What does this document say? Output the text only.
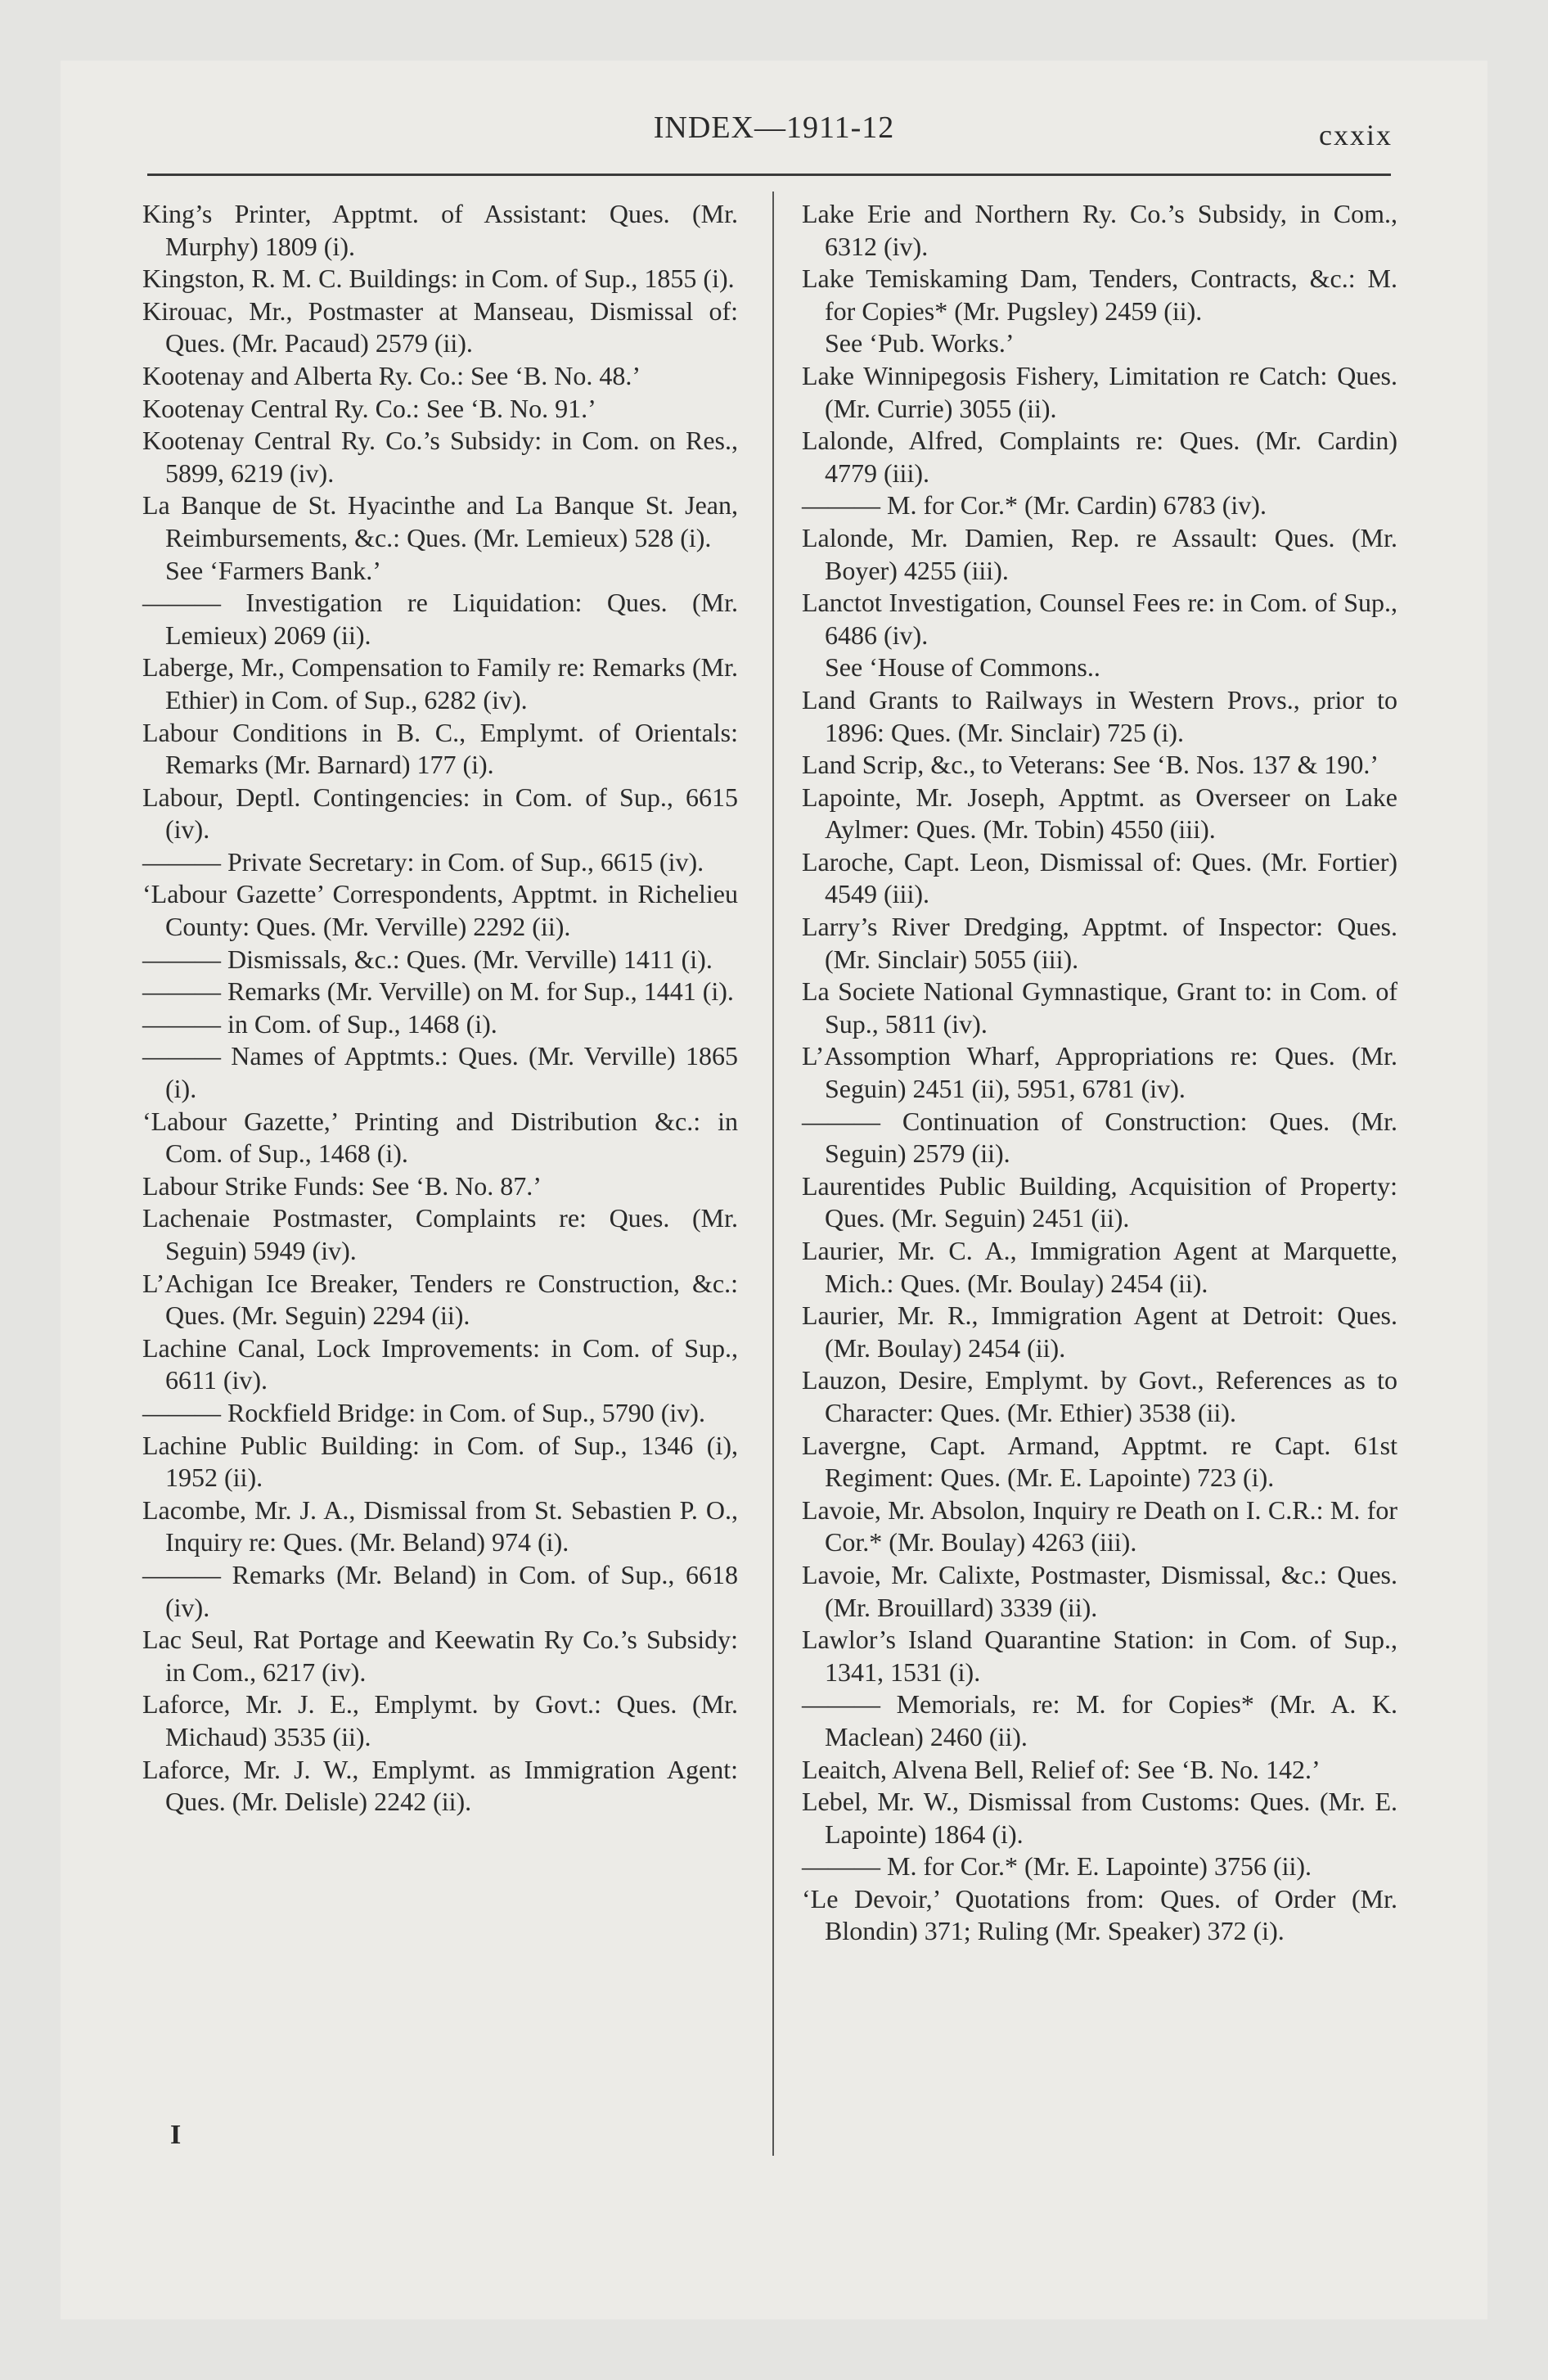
INDEX—1911-12	cxxix
King’s Printer, Apptmt. of Assistant: Ques. (Mr. Murphy) 1809 (i).
Kingston, R. M. C. Buildings: in Com. of Sup., 1855 (i).
Kirouac, Mr., Postmaster at Manseau, Dismissal of: Ques. (Mr. Pacaud) 2579 (ii).
Kootenay and Alberta Ry. Co.: See ‘B. No. 48.’
Kootenay Central Ry. Co.: See ‘B. No. 91.’
Kootenay Central Ry. Co.’s Subsidy: in Com. on Res., 5899, 6219 (iv).
La Banque de St. Hyacinthe and La Banque St. Jean, Reimbursements, &c.: Ques. (Mr. Lemieux) 528 (i).
See ‘Farmers Bank.’
——— Investigation re Liquidation: Ques. (Mr. Lemieux) 2069 (ii).
Laberge, Mr., Compensation to Family re: Remarks (Mr. Ethier) in Com. of Sup., 6282 (iv).
Labour Conditions in B. C., Emplymt. of Orientals: Remarks (Mr. Barnard) 177 (i).
Labour, Deptl. Contingencies: in Com. of Sup., 6615 (iv).
——— Private Secretary: in Com. of Sup., 6615 (iv).
‘Labour Gazette’ Correspondents, Apptmt. in Richelieu County: Ques. (Mr. Verville) 2292 (ii).
——— Dismissals, &c.: Ques. (Mr. Verville) 1411 (i).
——— Remarks (Mr. Verville) on M. for Sup., 1441 (i).
——— in Com. of Sup., 1468 (i).
——— Names of Apptmts.: Ques. (Mr. Verville) 1865 (i).
‘Labour Gazette,’ Printing and Distribution &c.: in Com. of Sup., 1468 (i).
Labour Strike Funds: See ‘B. No. 87.’
Lachenaie Postmaster, Complaints re: Ques. (Mr. Seguin) 5949 (iv).
L’Achigan Ice Breaker, Tenders re Construction, &c.: Ques. (Mr. Seguin) 2294 (ii).
Lachine Canal, Lock Improvements: in Com. of Sup., 6611 (iv).
——— Rockfield Bridge: in Com. of Sup., 5790 (iv).
Lachine Public Building: in Com. of Sup., 1346 (i), 1952 (ii).
Lacombe, Mr. J. A., Dismissal from St. Sebastien P. O., Inquiry re: Ques. (Mr. Beland) 974 (i).
——— Remarks (Mr. Beland) in Com. of Sup., 6618 (iv).
Lac Seul, Rat Portage and Keewatin Ry Co.’s Subsidy: in Com., 6217 (iv).
Laforce, Mr. J. E., Emplymt. by Govt.: Ques. (Mr. Michaud) 3535 (ii).
Laforce, Mr. J. W., Emplymt. as Immigration Agent: Ques. (Mr. Delisle) 2242 (ii).
Lake Erie and Northern Ry. Co.’s Subsidy, in Com., 6312 (iv).
Lake Temiskaming Dam, Tenders, Contracts, &c.: M. for Copies* (Mr. Pugsley) 2459 (ii).
See ‘Pub. Works.’
Lake Winnipegosis Fishery, Limitation re Catch: Ques. (Mr. Currie) 3055 (ii).
Lalonde, Alfred, Complaints re: Ques. (Mr. Cardin) 4779 (iii).
——— M. for Cor.* (Mr. Cardin) 6783 (iv).
Lalonde, Mr. Damien, Rep. re Assault: Ques. (Mr. Boyer) 4255 (iii).
Lanctot Investigation, Counsel Fees re: in Com. of Sup., 6486 (iv).
See ‘House of Commons..
Land Grants to Railways in Western Provs., prior to 1896: Ques. (Mr. Sinclair) 725 (i).
Land Scrip, &c., to Veterans: See ‘B. Nos. 137 & 190.’
Lapointe, Mr. Joseph, Apptmt. as Overseer on Lake Aylmer: Ques. (Mr. Tobin) 4550 (iii).
Laroche, Capt. Leon, Dismissal of: Ques. (Mr. Fortier) 4549 (iii).
Larry’s River Dredging, Apptmt. of Inspector: Ques. (Mr. Sinclair) 5055 (iii).
La Societe National Gymnastique, Grant to: in Com. of Sup., 5811 (iv).
L’Assomption Wharf, Appropriations re: Ques. (Mr. Seguin) 2451 (ii), 5951, 6781 (iv).
——— Continuation of Construction: Ques. (Mr. Seguin) 2579 (ii).
Laurentides Public Building, Acquisition of Property: Ques. (Mr. Seguin) 2451 (ii).
Laurier, Mr. C. A., Immigration Agent at Marquette, Mich.: Ques. (Mr. Boulay) 2454 (ii).
Laurier, Mr. R., Immigration Agent at Detroit: Ques. (Mr. Boulay) 2454 (ii).
Lauzon, Desire, Emplymt. by Govt., References as to Character: Ques. (Mr. Ethier) 3538 (ii).
Lavergne, Capt. Armand, Apptmt. re Capt. 61st Regiment: Ques. (Mr. E. Lapointe) 723 (i).
Lavoie, Mr. Absolon, Inquiry re Death on I. C.R.: M. for Cor.* (Mr. Boulay) 4263 (iii).
Lavoie, Mr. Calixte, Postmaster, Dismissal, &c.: Ques. (Mr. Brouillard) 3339 (ii).
Lawlor’s Island Quarantine Station: in Com. of Sup., 1341, 1531 (i).
——— Memorials, re: M. for Copies* (Mr. A. K. Maclean) 2460 (ii).
Leaitch, Alvena Bell, Relief of: See ‘B. No. 142.’
Lebel, Mr. W., Dismissal from Customs: Ques. (Mr. E. Lapointe) 1864 (i).
——— M. for Cor.* (Mr. E. Lapointe) 3756 (ii).
‘Le Devoir,’ Quotations from: Ques. of Order (Mr. Blondin) 371; Ruling (Mr. Speaker) 372 (i).
I
